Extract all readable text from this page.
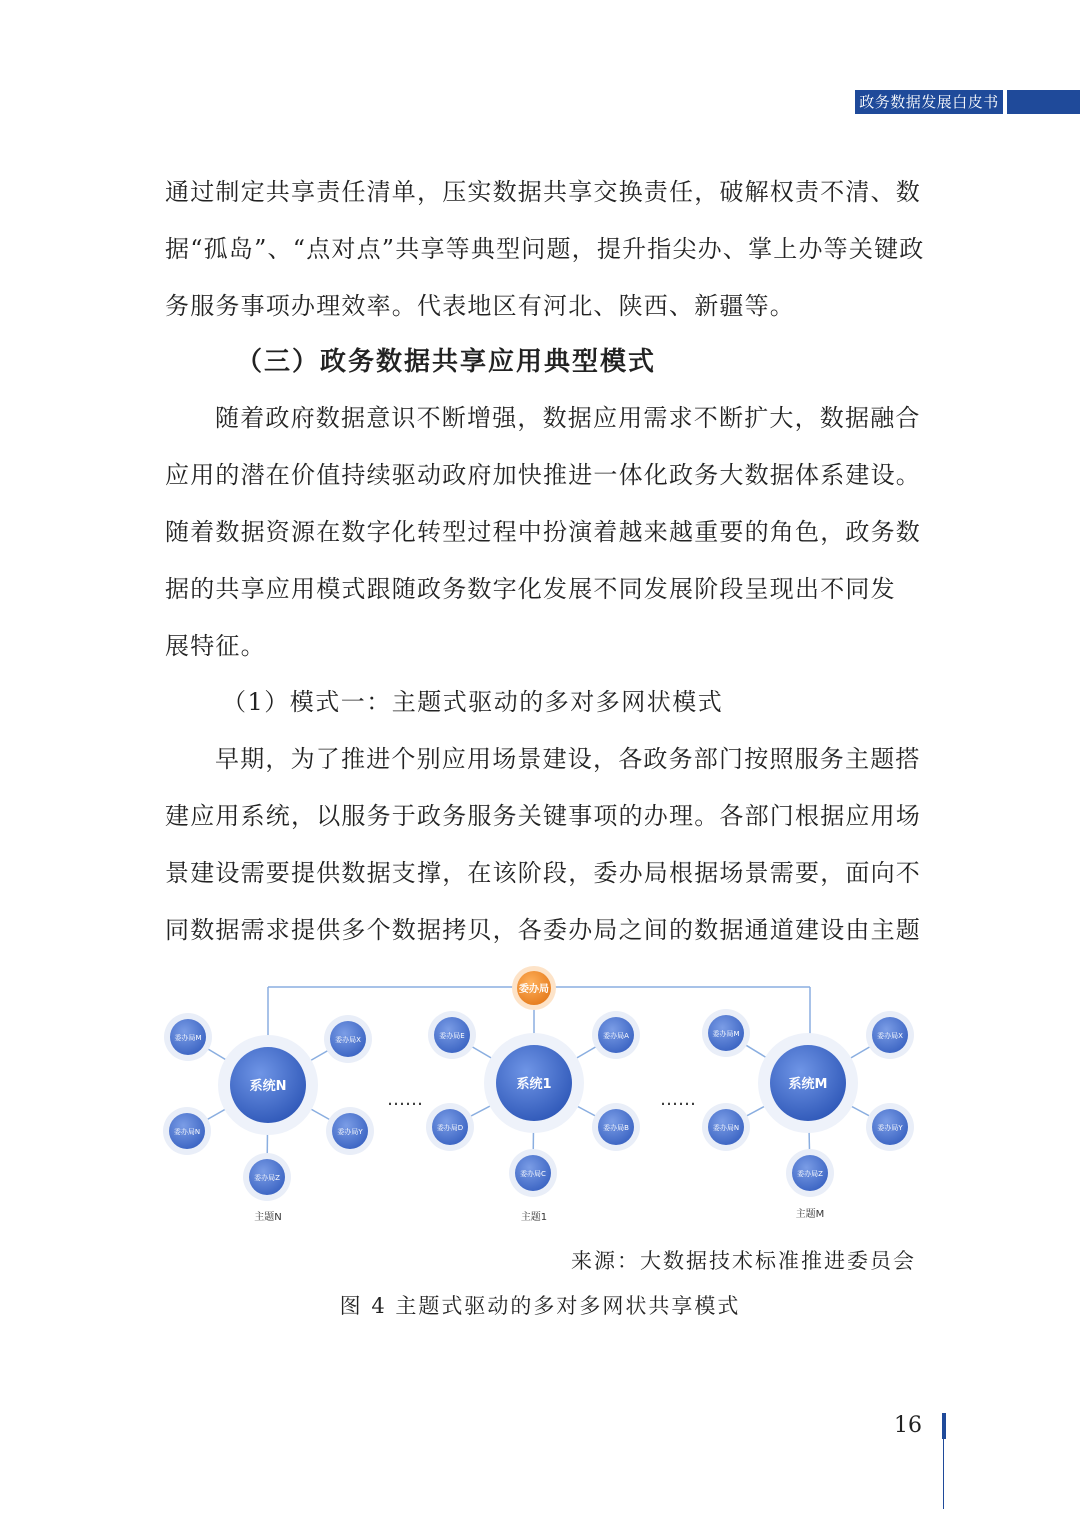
政务数据发展白皮书

通过制定共享责任清单，压实数据共享交换责任，破解权责不清、数
据“孤岛”、“点对点”共享等典型问题，提升指尖办、掌上办等关键政
务服务事项办理效率。代表地区有河北、陕西、新疆等。

（三）政务数据共享应用典型模式

随着政府数据意识不断增强，数据应用需求不断扩大，数据融合
应用的潜在价值持续驱动政府加快推进一体化政务大数据体系建设。
随着数据资源在数字化转型过程中扮演着越来越重要的角色，政务数
据的共享应用模式跟随政务数字化发展不同发展阶段呈现出不同发
展特征。

（1）模式一：主题式驱动的多对多网状模式

早期，为了推进个别应用场景建设，各政务部门按照服务主题搭
建应用系统，以服务于政务服务关键事项的办理。各部门根据应用场
景建设需要提供数据支撑，在该阶段，委办局根据场景需要，面向不
同数据需求提供多个数据拷贝，各委办局之间的数据通道建设由主题

委办局
系统N
委办局M	委办局X
委办局N	委办局Y
委办局Z
主题N
……
系统1
委办局E	委办局A
委办局D	委办局B
委办局C
主题1
……
系统M
委办局M	委办局X
委办局N	委办局Y
委办局Z
主题M
来源：大数据技术标准推进委员会
图 4 主题式驱动的多对多网状共享模式
16
